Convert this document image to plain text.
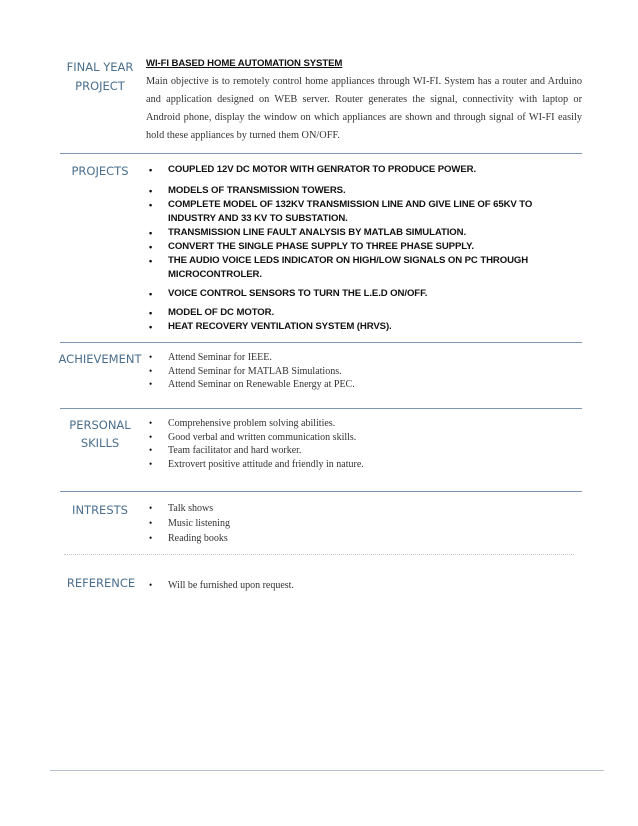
FINAL YEAR
PROJECT
WI-FI BASED HOME AUTOMATION SYSTEM
Main objective is to remotely control home appliances through WI-FI. System has a router and Arduino and application designed on WEB server. Router generates the signal, connectivity with laptop or Android phone, display the window on which appliances are shown and through signal of WI-FI easily hold these appliances by turned them ON/OFF.
PROJECTS	• COUPLED 12V DC MOTOR WITH GENRATOR TO PRODUCE POWER.
• MODELS OF TRANSMISSION TOWERS.
• COMPLETE MODEL OF 132KV TRANSMISSION LINE AND GIVE LINE OF 65KV TO INDUSTRY AND 33 KV TO SUBSTATION.
• TRANSMISSION LINE FAULT ANALYSIS BY MATLAB SIMULATION.
• CONVERT THE SINGLE PHASE SUPPLY TO THREE PHASE SUPPLY.
• THE AUDIO VOICE LEDS INDICATOR ON HIGH/LOW SIGNALS ON PC THROUGH MICROCONTROLER.
• VOICE CONTROL SENSORS TO TURN THE L.E.D ON/OFF.
• MODEL OF DC MOTOR.
• HEAT RECOVERY VENTILATION SYSTEM (HRVS).
ACHIEVEMENT • Attend Seminar for IEEE.
• Attend Seminar for MATLAB Simulations.
• Attend Seminar on Renewable Energy at PEC.
PERSONAL
SKILLS
• Comprehensive problem solving abilities.
• Good verbal and written communication skills.
• Team facilitator and hard worker.
• Extrovert positive attitude and friendly in nature.
INTRESTS	• Talk shows
• Music listening
• Reading books
REFERENCE	• Will be furnished upon request.
